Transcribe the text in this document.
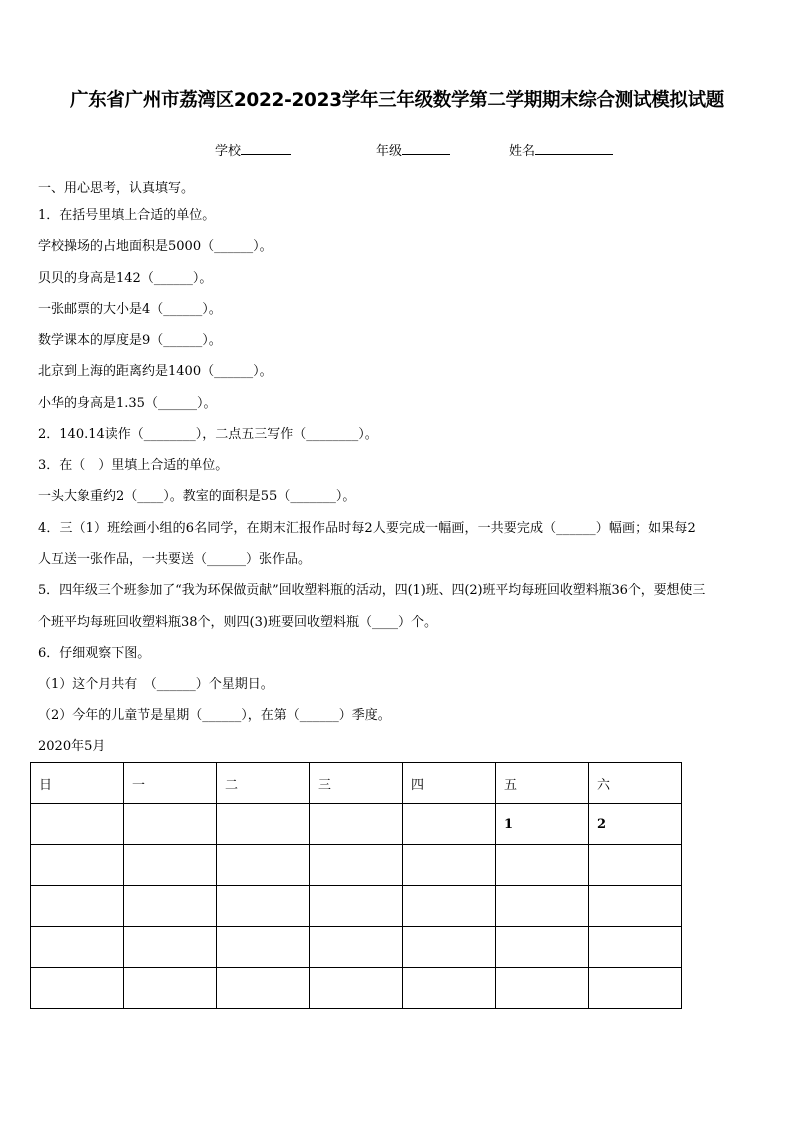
广东省广州市荔湾区2022-2023学年三年级数学第二学期期末综合测试模拟试题
学校	年级	姓名
一、用心思考，认真填写。
1．在括号里填上合适的单位。
学校操场的占地面积是5000（______）。
贝贝的身高是142（______）。
一张邮票的大小是4（______）。
数学课本的厚度是9（______）。
北京到上海的距离约是1400（______）。
小华的身高是1.35（______）。
2．140.14读作（________），二点五三写作（________）。
3．在（　）里填上合适的单位。
一头大象重约2（____）。教室的面积是55（_______）。
4．三（1）班绘画小组的6名同学，在期末汇报作品时每2人要完成一幅画，一共要完成（______）幅画；如果每2
人互送一张作品，一共要送（______）张作品。
5．四年级三个班参加了“我为环保做贡献”回收塑料瓶的活动，四(1)班、四(2)班平均每班回收塑料瓶36个，要想使三
个班平均每班回收塑料瓶38个，则四(3)班要回收塑料瓶（____）个。
6．仔细观察下图。
（1）这个月共有　（______）个星期日。
（2）今年的儿童节是星期（______），在第（______）季度。
2020年5月
日	一	二	三	四	五	六
					1	2
